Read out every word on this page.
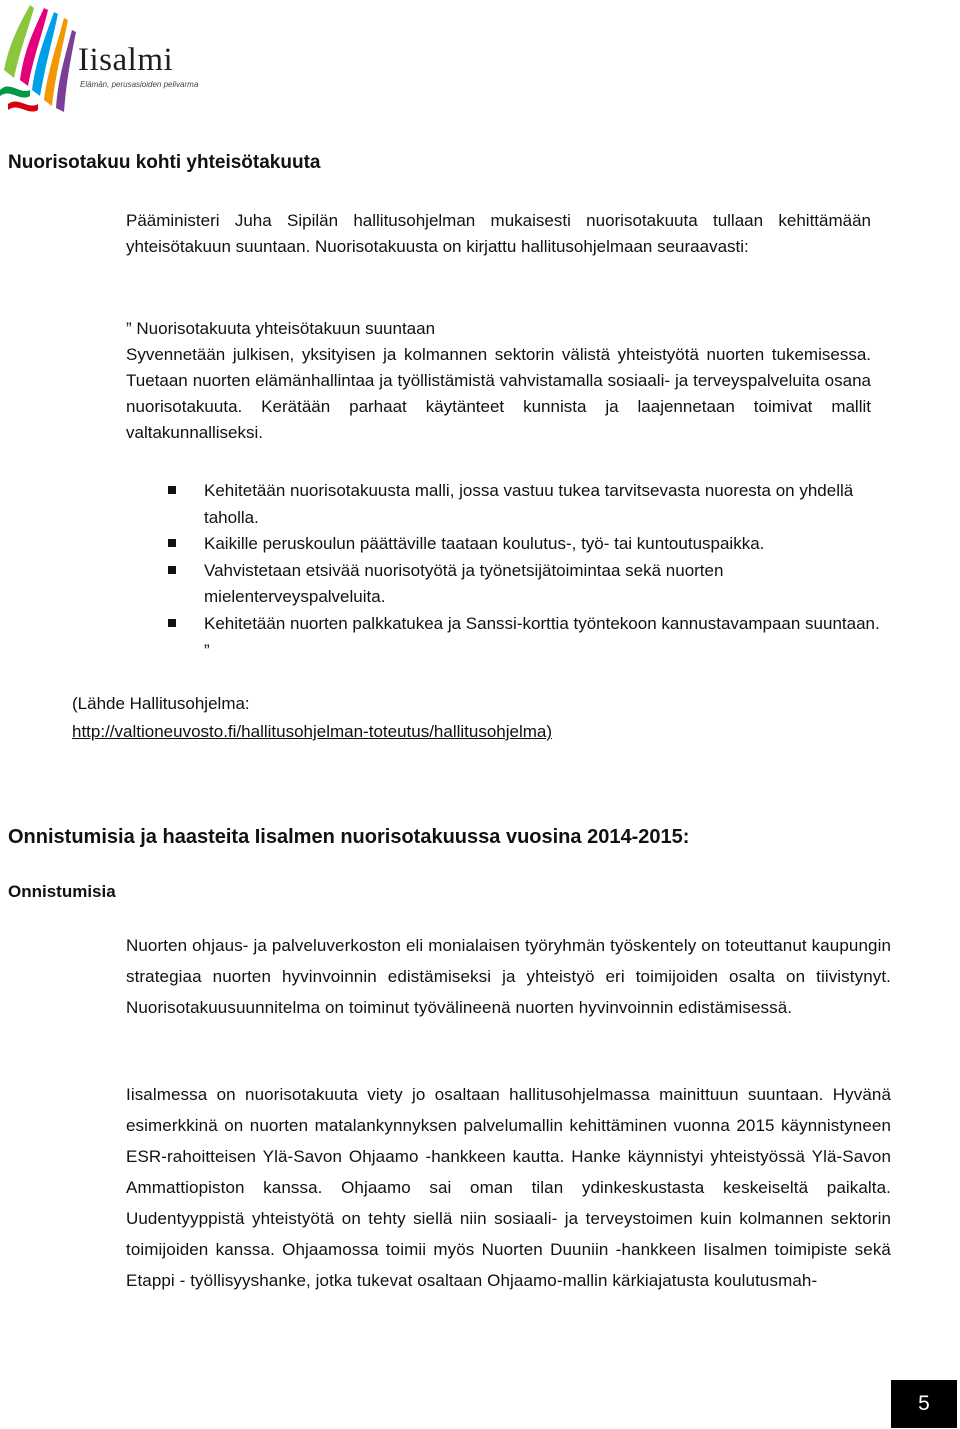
Iisalmi
Elämän, perusasioiden pelivarma
Nuorisotakuu kohti yhteisötakuuta

Pääministeri Juha Sipilän hallitusohjelman mukaisesti nuorisotakuuta tullaan kehittämään yhteisötakuun suuntaan. Nuorisotakuusta on kirjattu hallitusohjelmaan seuraavasti:

” Nuorisotakuuta yhteisötakuun suuntaan

Syvennetään julkisen, yksityisen ja kolmannen sektorin välistä yhteistyötä nuorten tukemisessa. Tuetaan nuorten elämänhallintaa ja työllistämistä vahvistamalla sosiaali- ja terveyspalveluita osana nuorisotakuuta. Kerätään parhaat käytänteet kunnista ja laajennetaan toimivat mallit valtakunnalliseksi.

Kehitetään nuorisotakuusta malli, jossa vastuu tukea tarvitsevasta nuoresta on yhdellä taholla.
Kaikille peruskoulun päättäville taataan koulutus-, työ- tai kuntoutuspaikka.
Vahvistetaan etsivää nuorisotyötä ja työnetsijätoimintaa sekä nuorten mielenterveyspalveluita.
Kehitetään nuorten palkkatukea ja Sanssi-korttia työntekoon kannustavampaan suuntaan. ”
(Lähde Hallitusohjelma:
http://valtioneuvosto.fi/hallitusohjelman-toteutus/hallitusohjelma)
Onnistumisia ja haasteita Iisalmen nuorisotakuussa vuosina 2014-2015:
Onnistumisia

Nuorten ohjaus- ja palveluverkoston eli monialaisen työryhmän työskentely on toteuttanut kaupungin strategiaa nuorten hyvinvoinnin edistämiseksi ja yhteistyö eri toimijoiden osalta on tiivistynyt. Nuorisotakuusuunnitelma on toiminut työvälineenä nuorten hyvinvoinnin edistämisessä.

Iisalmessa on nuorisotakuuta viety jo osaltaan hallitusohjelmassa mainittuun suuntaan. Hyvänä esimerkkinä on nuorten matalankynnyksen palvelumallin kehittäminen vuonna 2015 käynnistyneen ESR-rahoitteisen Ylä-Savon Ohjaamo -hankkeen kautta. Hanke käynnistyi yhteistyössä Ylä-Savon Ammattiopiston kanssa. Ohjaamo sai oman tilan ydinkeskustasta keskeiseltä paikalta. Uudentyyppistä yhteistyötä on tehty siellä niin sosiaali- ja terveystoimen kuin kolmannen sektorin toimijoiden kanssa. Ohjaamossa toimii myös Nuorten Duuniin -hankkeen Iisalmen toimipiste sekä Etappi - työllisyyshanke, jotka tukevat osaltaan Ohjaamo-mallin kärkiajatusta koulutusmah-

5
